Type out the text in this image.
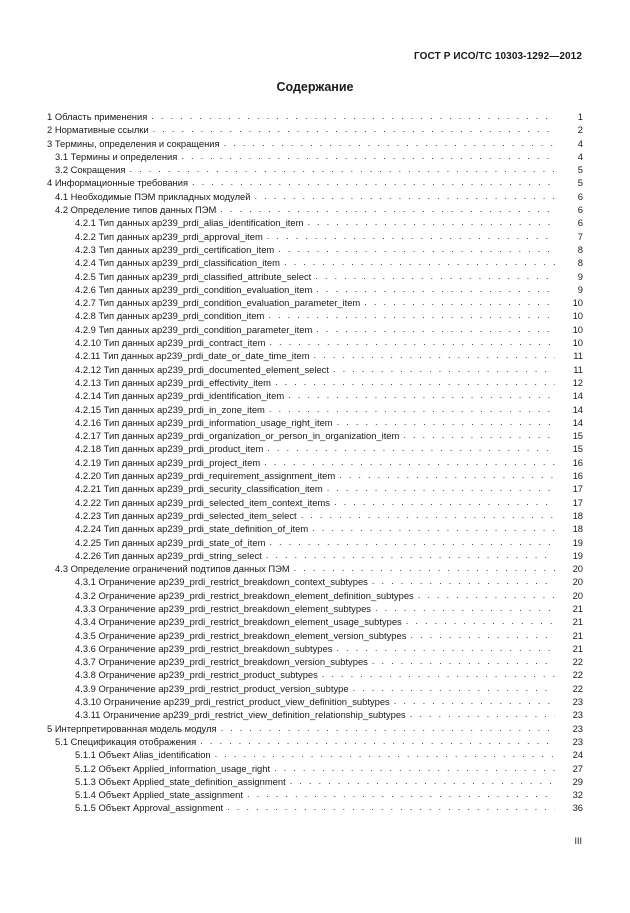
ГОСТ Р ИСО/ТС 10303-1292—2012
Содержание
1 Область применения . . .	1
2 Нормативные ссылки . . .	2
3 Термины, определения и сокращения . . .	4
3.1 Термины и определения . . .	4
3.2 Сокращения . . .	5
4 Информационные требования . . .	5
4.1 Необходимые ПЭМ прикладных модулей . . .	6
4.2 Определение типов данных ПЭМ . . .	6
4.2.1 Тип данных ap239_prdi_alias_identification_item . . .	6
4.2.2 Тип данных ap239_prdi_approval_item . . .	7
4.2.3 Тип данных ap239_prdi_certification_item . . .	8
4.2.4 Тип данных ap239_prdi_classification_item . . .	8
4.2.5 Тип данных ap239_prdi_classified_attribute_select . . .	9
4.2.6 Тип данных ap239_prdi_condition_evaluation_item . . .	9
4.2.7 Тип данных ap239_prdi_condition_evaluation_parameter_item . . .	10
4.2.8 Тип данных ap239_prdi_condition_item . . .	10
4.2.9 Тип данных ap239_prdi_condition_parameter_item . . .	10
4.2.10 Тип данных ap239_prdi_contract_item . . .	10
4.2.11 Тип данных ap239_prdi_date_or_date_time_item . . .	11
4.2.12 Тип данных ap239_prdi_documented_element_select . . .	11
4.2.13 Тип данных ap239_prdi_effectivity_item . . .	12
4.2.14 Тип данных ap239_prdi_identification_item . . .	14
4.2.15 Тип данных ap239_prdi_in_zone_item . . .	14
4.2.16 Тип данных ap239_prdi_information_usage_right_item . . .	14
4.2.17 Тип данных ap239_prdi_organization_or_person_in_organization_item . . .	15
4.2.18 Тип данных ap239_prdi_product_item . . .	15
4.2.19 Тип данных ap239_prdi_project_item . . .	16
4.2.20 Тип данных ap239_prdi_requirement_assignment_item . . .	16
4.2.21 Тип данных ap239_prdi_security_classification_item . . .	17
4.2.22 Тип данных ap239_prdi_selected_item_context_items . . .	17
4.2.23 Тип данных ap239_prdi_selected_item_select . . .	18
4.2.24 Тип данных ap239_prdi_state_definition_of_item . . .	18
4.2.25 Тип данных ap239_prdi_state_of_item . . .	19
4.2.26 Тип данных ap239_prdi_string_select . . .	19
4.3 Определение ограничений подтипов данных ПЭМ . . .	20
4.3.1 Ограничение ap239_prdi_restrict_breakdown_context_subtypes . . .	20
4.3.2 Ограничение ap239_prdi_restrict_breakdown_element_definition_subtypes . . .	20
4.3.3 Ограничение ap239_prdi_restrict_breakdown_element_subtypes . . .	21
4.3.4 Ограничение ap239_prdi_restrict_breakdown_element_usage_subtypes . . .	21
4.3.5 Ограничение ap239_prdi_restrict_breakdown_element_version_subtypes . . .	21
4.3.6 Ограничение ap239_prdi_restrict_breakdown_subtypes . . .	21
4.3.7 Ограничение ap239_prdi_restrict_breakdown_version_subtypes . . .	22
4.3.8 Ограничение ap239_prdi_restrict_product_subtypes . . .	22
4.3.9 Ограничение ap239_prdi_restrict_product_version_subtype . . .	22
4.3.10 Ограничение ap239_prdi_restrict_product_view_definition_subtypes . . .	23
4.3.11 Ограничение ap239_prdi_restrict_view_definition_relationship_subtypes . . .	23
5 Интерпретированная модель модуля . . .	23
5.1 Спецификация отображения . . .	23
5.1.1 Объект Alias_identification . . .	24
5.1.2 Объект Applied_information_usage_right . . .	27
5.1.3 Объект Applied_state_definition_assignment . . .	29
5.1.4 Объект Applied_state_assignment . . .	32
5.1.5 Объект Approval_assignment . . .	36
III
